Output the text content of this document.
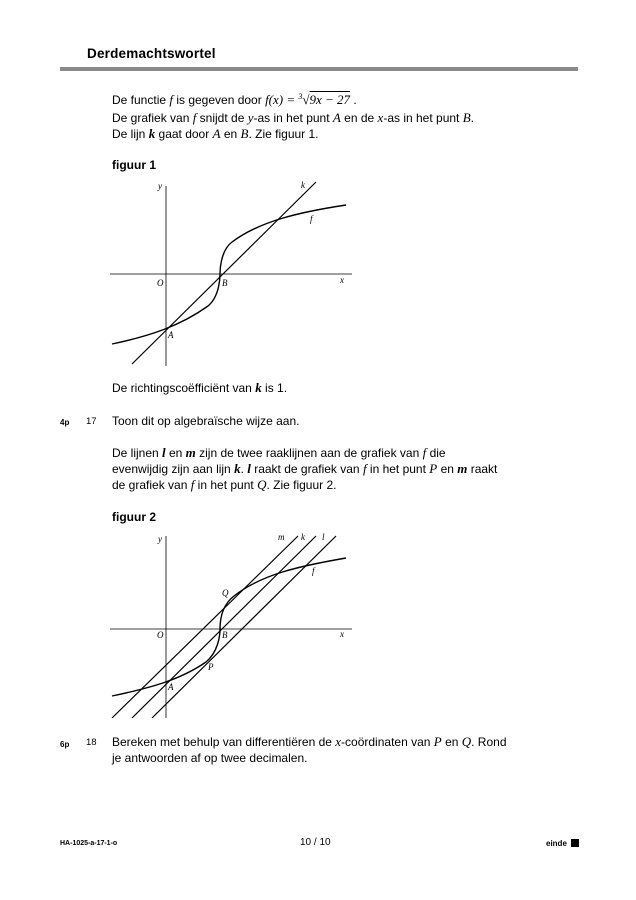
Derdemachtswortel
De functie f is gegeven door f(x) = $^3$√9x − 27 .
De grafiek van f snijdt de y-as in het punt A en de x-as in het punt B.
De lijn k gaat door A en B. Zie figuur 1.
figuur 1
y
x
O	B
A
f
k
De richtingscoëfficiënt van k is 1.
4p 17 Toon dit op algebraïsche wijze aan.
De lijnen l en m zijn de twee raaklijnen aan de grafiek van f die
evenwijdig zijn aan lijn k. l raakt de grafiek van f in het punt P en m raakt
de grafiek van f in het punt Q. Zie figuur 2.
figuur 2
y
x
O	B
A
P
Q
f
m k l
6p 18 Bereken met behulp van differentiëren de x-coördinaten van P en Q. Rond
je antwoorden af op twee decimalen.
HA-1025-a-17-1-o	10 / 10	einde
